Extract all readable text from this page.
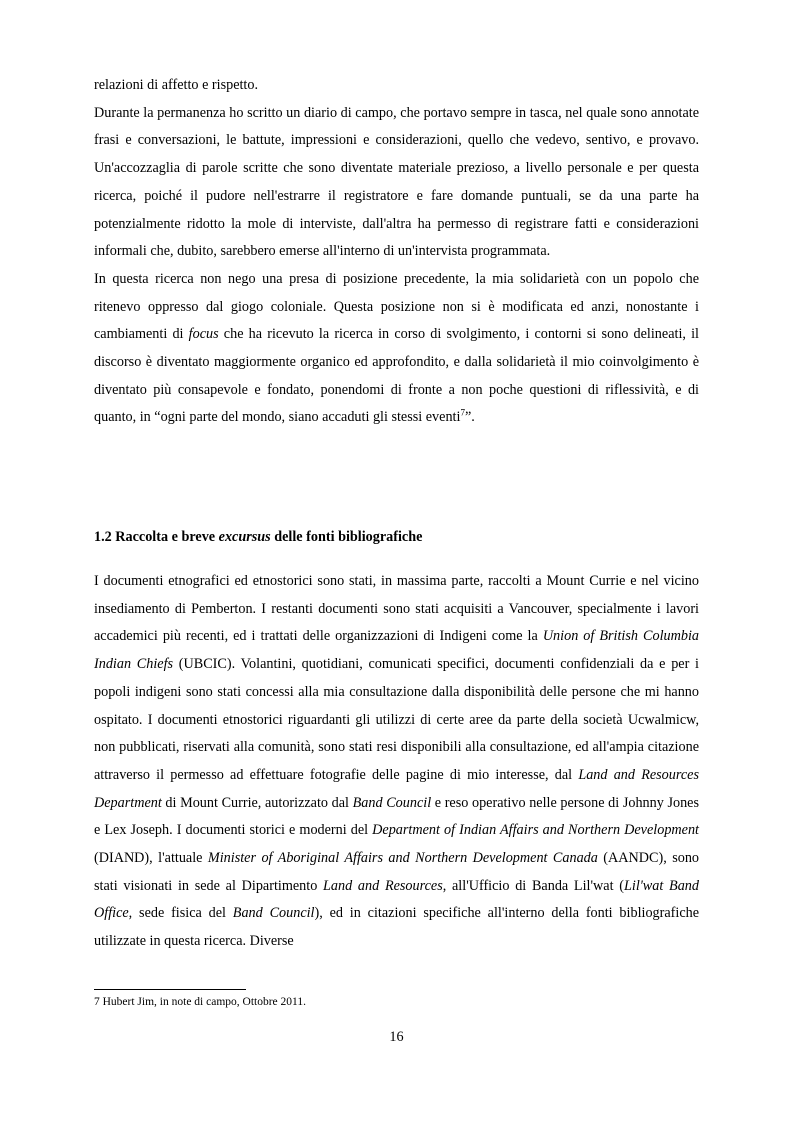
relazioni di affetto e rispetto.

Durante la permanenza ho scritto un diario di campo, che portavo sempre in tasca, nel quale sono annotate frasi e conversazioni, le battute, impressioni e considerazioni, quello che vedevo, sentivo, e provavo. Un'accozzaglia di parole scritte che sono diventate materiale prezioso, a livello personale e per questa ricerca, poiché il pudore nell'estrarre il registratore e fare domande puntuali, se da una parte ha potenzialmente ridotto la mole di interviste, dall'altra ha permesso di registrare fatti e considerazioni informali che, dubito, sarebbero emerse all'interno di un'intervista programmata.

In questa ricerca non nego una presa di posizione precedente, la mia solidarietà con un popolo che ritenevo oppresso dal giogo coloniale. Questa posizione non si è modificata ed anzi, nonostante i cambiamenti di focus che ha ricevuto la ricerca in corso di svolgimento, i contorni si sono delineati, il discorso è diventato maggiormente organico ed approfondito, e dalla solidarietà il mio coinvolgimento è diventato più consapevole e fondato, ponendomi di fronte a non poche questioni di riflessività, e di quanto, in “ogni parte del mondo, siano accaduti gli stessi eventi$^7$”.

1.2 Raccolta e breve excursus delle fonti bibliografiche

I documenti etnografici ed etnostorici sono stati, in massima parte, raccolti a Mount Currie e nel vicino insediamento di Pemberton. I restanti documenti sono stati acquisiti a Vancouver, specialmente i lavori accademici più recenti, ed i trattati delle organizzazioni di Indigeni come la Union of British Columbia Indian Chiefs (UBCIC). Volantini, quotidiani, comunicati specifici, documenti confidenziali da e per i popoli indigeni sono stati concessi alla mia consultazione dalla disponibilità delle persone che mi hanno ospitato. I documenti etnostorici riguardanti gli utilizzi di certe aree da parte della società Ucwalmicw, non pubblicati, riservati alla comunità, sono stati resi disponibili alla consultazione, ed all'ampia citazione attraverso il permesso ad effettuare fotografie delle pagine di mio interesse, dal Land and Resources Department di Mount Currie, autorizzato dal Band Council e reso operativo nelle persone di Johnny Jones e Lex Joseph. I documenti storici e moderni del Department of Indian Affairs and Northern Development (DIAND), l'attuale Minister of Aboriginal Affairs and Northern Development Canada (AANDC), sono stati visionati in sede al Dipartimento Land and Resources, all'Ufficio di Banda Lil'wat (Lil'wat Band Office, sede fisica del Band Council), ed in citazioni specifiche all'interno della fonti bibliografiche utilizzate in questa ricerca. Diverse

7 Hubert Jim, in note di campo, Ottobre 2011.

16
